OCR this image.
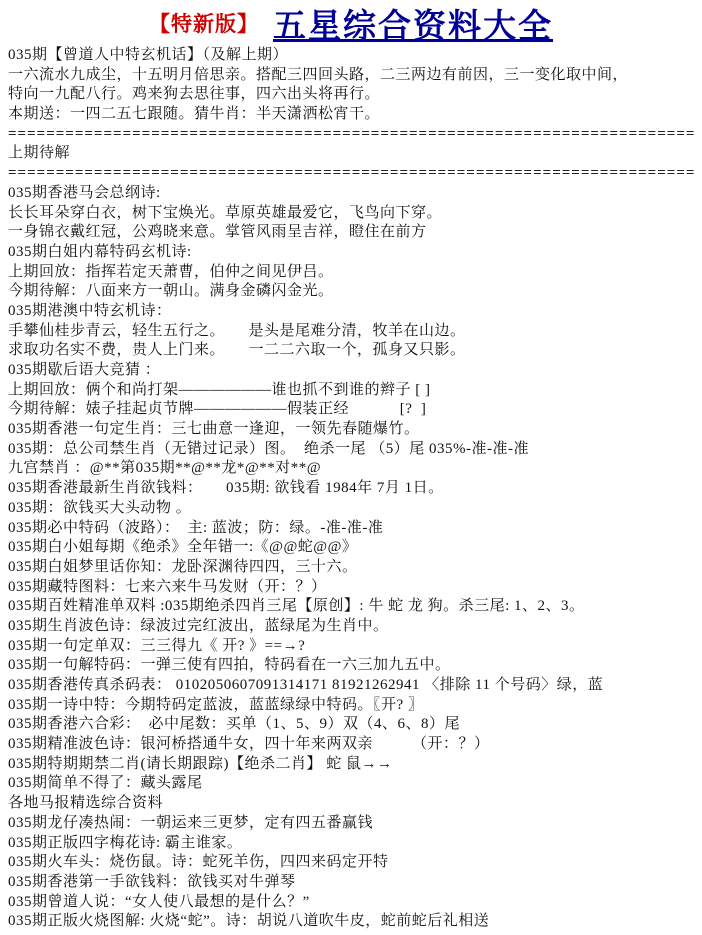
【特新版】 五星综合资料大全
035期【曾道人中特玄机话】（及解上期）
一六流水九成尘，十五明月倍思亲。搭配三四回头路，二三两边有前因，三一变化取中间，
特向一九配八行。鸡来狗去思往事，四六出头将再行。
本期送：一四二五七跟随。猜牛肖：半天潇洒松宵干。
========================================================================
上期待解
========================================================================
035期香港马会总纲诗:
长长耳朵穿白衣，树下宝焕光。草原英雄最爱它，飞鸟向下穿。
一身锦衣戴红冠，公鸡晓来意。掌管风雨呈吉祥，瞪住在前方
035期白姐内幕特码玄机诗:
上期回放：指挥若定天萧曹，伯仲之间见伊吕。
今期待解：八面来方一朝山。满身金磷闪金光。
035期港澳中特玄机诗：
手攀仙桂步青云，轻生五行之。　　是头是尾难分清，牧羊在山边。
求取功名实不费，贵人上门来。　　一二二六取一个，孤身又只影。
035期歇后语大竞猜 ：
上期回放：俩个和尚打架——————谁也抓不到谁的辫子 [ ]
今期待解：婊子挂起贞节牌——————假装正经　　　 [?  ]
035期香港一句定生肖：三七曲意一逢迎，一领先春随爆竹。
035期：总公司禁生肖（无错过记录）图。  绝杀一尾 （5）尾 035%-准-准-准
九宫禁肖 ：@**第035期**@**龙*@**对**@
035期香港最新生肖欲钱料：　　035期: 欲钱看 1984年 7月 1日。
035期：欲钱买大头动物 。
035期必中特码（波路）：　主: 蓝波；防：绿。-准-准-准
035期白小姐每期《绝杀》全年错一:《@@蛇@@》
035期白姐梦里话你知：龙卧深渊待四四，三十六。
035期藏特图料：七来六来牛马发财（开：？）
035期百姓精准单双料 :035期绝杀四肖三尾【原创】: 牛 蛇 龙 狗。杀三尾: 1、2、3。
035期生肖波色诗：绿波过完红波出，蓝绿尾为生肖中。
035期一句定单双：三三得九《 开? 》==→?
035期一句解特码：一弹三使有四拍，特码看在一六三加九五中。
035期香港传真杀码表： 0102050607091314171 81921262941 〈排除 11 个号码〉绿，蓝
035期一诗中特：今期特码定蓝波，蓝蓝绿绿中特码。〖开? 〗
035期香港六合彩：　必中尾数：买单（1、5、9）双（4、6、8）尾
035期精准波色诗：银河桥搭通牛女，四十年来两双亲　　　（开：？）
035期特期期禁二肖(请长期跟踪)【绝杀二肖】 蛇 鼠→→
035期简单不得了：藏头露尾
各地马报精选综合资料
035期龙仔凑热闹：一朝运来三更梦，定有四五番赢钱
035期正版四字梅花诗: 霸主谁家。
035期火车头：烧伤鼠。诗：蛇死羊伤，四四来码定开特
035期香港第一手欲钱料：欲钱买对牛弹琴
035期曾道人说：“女人使八最想的是什么？”
035期正版火烧图解: 火烧“蛇”。诗：胡说八道吹牛皮，蛇前蛇后礼相送
